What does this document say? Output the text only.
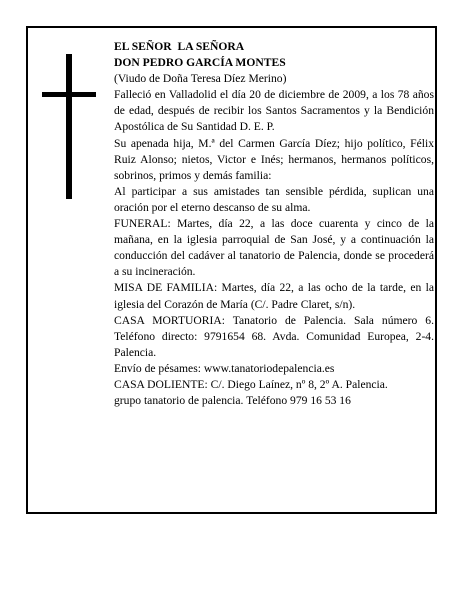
EL SEÑOR  LA SEÑORA

DON PEDRO GARCÍA MONTES

(Viudo de Doña Teresa Díez Merino)

Falleció en Valladolid el día 20 de diciembre de 2009, a los 78 años de edad, después de recibir los Santos Sacramentos y la Bendición Apostólica de Su Santidad D. E. P.

Su apenada hija, M.ª del Carmen García Díez; hijo político, Félix Ruiz Alonso; nietos, Victor e Inés; hermanos, hermanos políticos, sobrinos, primos y demás familia:

Al participar a sus amistades tan sensible pérdida, suplican una oración por el eterno descanso de su alma.

FUNERAL: Martes, día 22, a las doce cuarenta y cinco de la mañana, en la iglesia parroquial de San José, y a continuación la conducción del cadáver al tanatorio de Palencia, donde se procederá a su incineración.

MISA DE FAMILIA: Martes, día 22, a las ocho de la tarde, en la iglesia del Corazón de María (C/. Padre Claret, s/n).

CASA MORTUORIA: Tanatorio de Palencia. Sala número 6. Teléfono directo: 9791654 68. Avda. Comunidad Europea, 2-4. Palencia.

Envío de pésames: www.tanatoriodepalencia.es

CASA DOLIENTE: C/. Diego Laínez, nº 8, 2º A. Palencia.

grupo tanatorio de palencia. Teléfono 979 16 53 16
